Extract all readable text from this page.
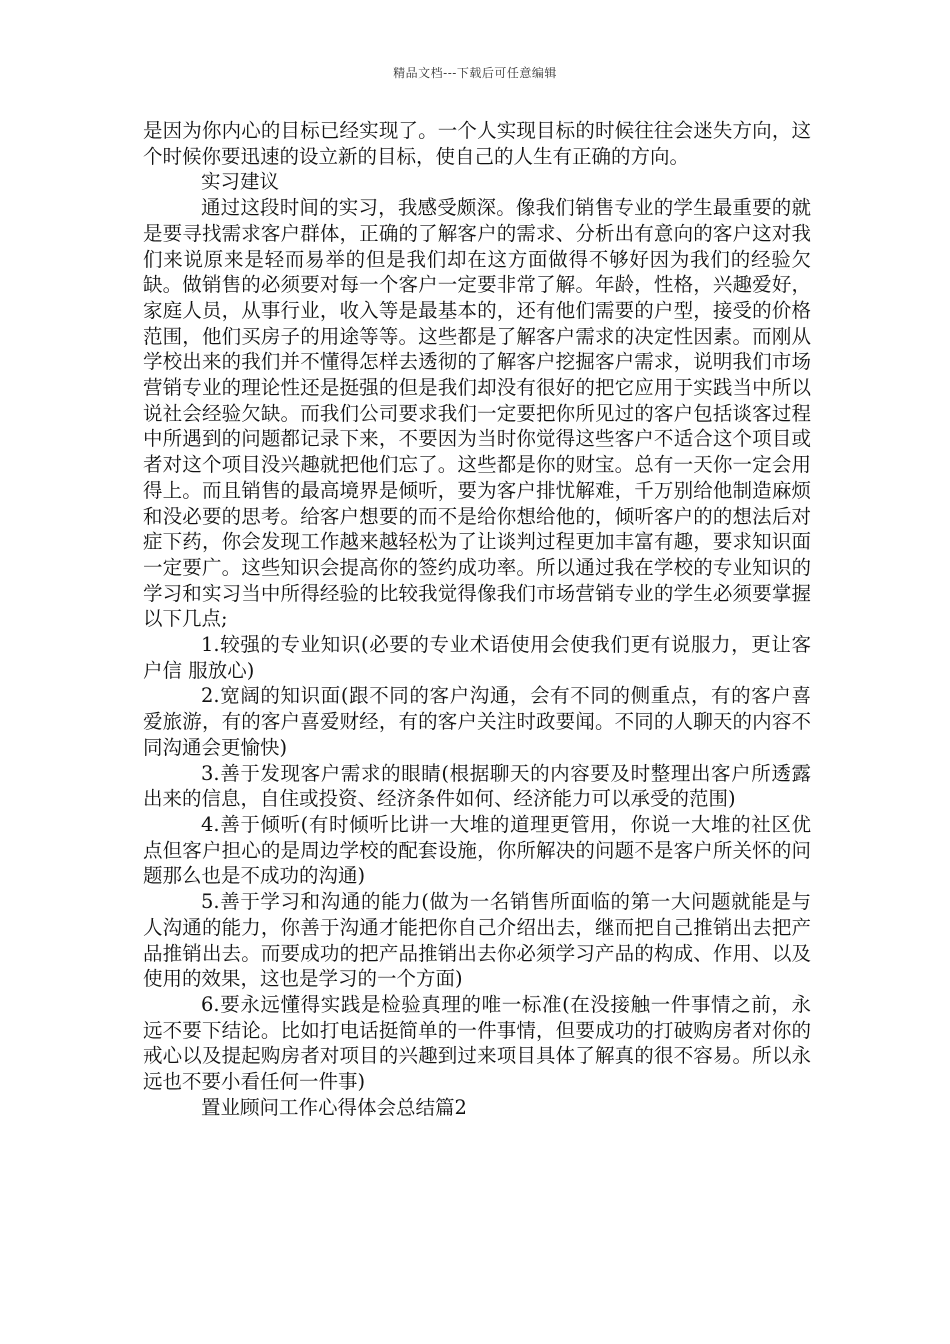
精品文档---下载后可任意编辑

是因为你内心的目标已经实现了。一个人实现目标的时候往往会迷失方向，这个时候你要迅速的设立新的目标，使自己的人生有正确的方向。

实习建议

通过这段时间的实习，我感受颇深。像我们销售专业的学生最重要的就是要寻找需求客户群体，正确的了解客户的需求、分析出有意向的客户这对我们来说原来是轻而易举的但是我们却在这方面做得不够好因为我们的经验欠缺。做销售的必须要对每一个客户一定要非常了解。年龄，性格，兴趣爱好，家庭人员，从事行业，收入等是最基本的，还有他们需要的户型，接受的价格范围，他们买房子的用途等等。这些都是了解客户需求的决定性因素。而刚从学校出来的我们并不懂得怎样去透彻的了解客户挖掘客户需求，说明我们市场营销专业的理论性还是挺强的但是我们却没有很好的把它应用于实践当中所以说社会经验欠缺。而我们公司要求我们一定要把你所见过的客户包括谈客过程中所遇到的问题都记录下来，不要因为当时你觉得这些客户不适合这个项目或者对这个项目没兴趣就把他们忘了。这些都是你的财宝。总有一天你一定会用得上。而且销售的最高境界是倾听，要为客户排忧解难，千万别给他制造麻烦和没必要的思考。给客户想要的而不是给你想给他的，倾听客户的的想法后对症下药，你会发现工作越来越轻松为了让谈判过程更加丰富有趣，要求知识面一定要广。这些知识会提高你的签约成功率。所以通过我在学校的专业知识的学习和实习当中所得经验的比较我觉得像我们市场营销专业的学生必须要掌握以下几点;

1.较强的专业知识(必要的专业术语使用会使我们更有说服力，更让客户信 服放心)

2.宽阔的知识面(跟不同的客户沟通，会有不同的侧重点，有的客户喜爱旅游，有的客户喜爱财经，有的客户关注时政要闻。不同的人聊天的内容不同沟通会更愉快)

3.善于发现客户需求的眼睛(根据聊天的内容要及时整理出客户所透露出来的信息，自住或投资、经济条件如何、经济能力可以承受的范围)

4.善于倾听(有时倾听比讲一大堆的道理更管用，你说一大堆的社区优点但客户担心的是周边学校的配套设施，你所解决的问题不是客户所关怀的问题那么也是不成功的沟通)

5.善于学习和沟通的能力(做为一名销售所面临的第一大问题就能是与人沟通的能力，你善于沟通才能把你自己介绍出去，继而把自己推销出去把产品推销出去。而要成功的把产品推销出去你必须学习产品的构成、作用、以及使用的效果，这也是学习的一个方面)

6.要永远懂得实践是检验真理的唯一标准(在没接触一件事情之前，永远不要下结论。比如打电话挺简单的一件事情，但要成功的打破购房者对你的戒心以及提起购房者对项目的兴趣到过来项目具体了解真的很不容易。所以永远也不要小看任何一件事)

置业顾问工作心得体会总结篇2
